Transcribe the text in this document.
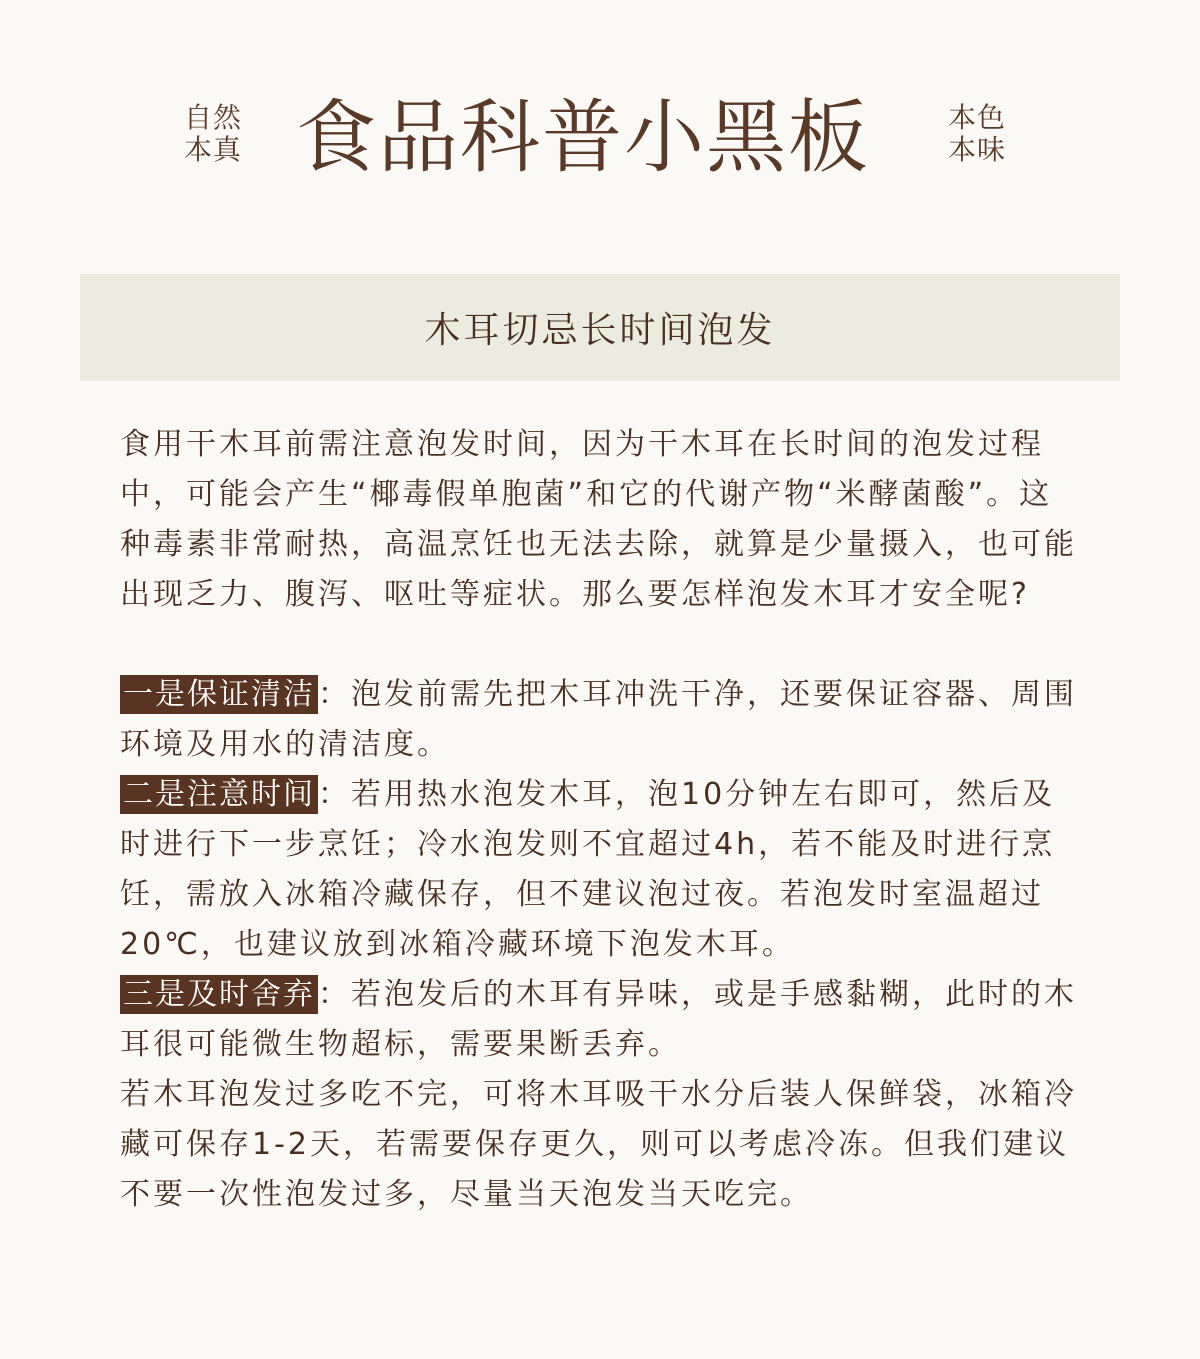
自然
本真 食品科普小黑板	本色
本味
木耳切忌长时间泡发

食用干木耳前需注意泡发时间，因为干木耳在长时间的泡发过程中，可能会产生“椰毒假单胞菌”和它的代谢产物“米酵菌酸”。这种毒素非常耐热，高温烹饪也无法去除，就算是少量摄入，也可能出现乏力、腹泻、呕吐等症状。那么要怎样泡发木耳才安全呢?

一是保证清洁 ：泡发前需先把木耳冲洗干净，还要保证容器、周围环境及用水的清洁度。

二是注意时间 ：若用热水泡发木耳，泡10分钟左右即可，然后及时进行下一步烹饪；冷水泡发则不宜超过4h，若不能及时进行烹饪，需放入冰箱冷藏保存，但不建议泡过夜。若泡发时室温超过20℃，也建议放到冰箱冷藏环境下泡发木耳。

三是及时舍弃 ：若泡发后的木耳有异味，或是手感黏糊，此时的木耳很可能微生物超标，需要果断丢弃。

若木耳泡发过多吃不完，可将木耳吸干水分后装人保鲜袋，冰箱冷藏可保存1-2天，若需要保存更久，则可以考虑冷冻。但我们建议不要一次性泡发过多，尽量当天泡发当天吃完。
